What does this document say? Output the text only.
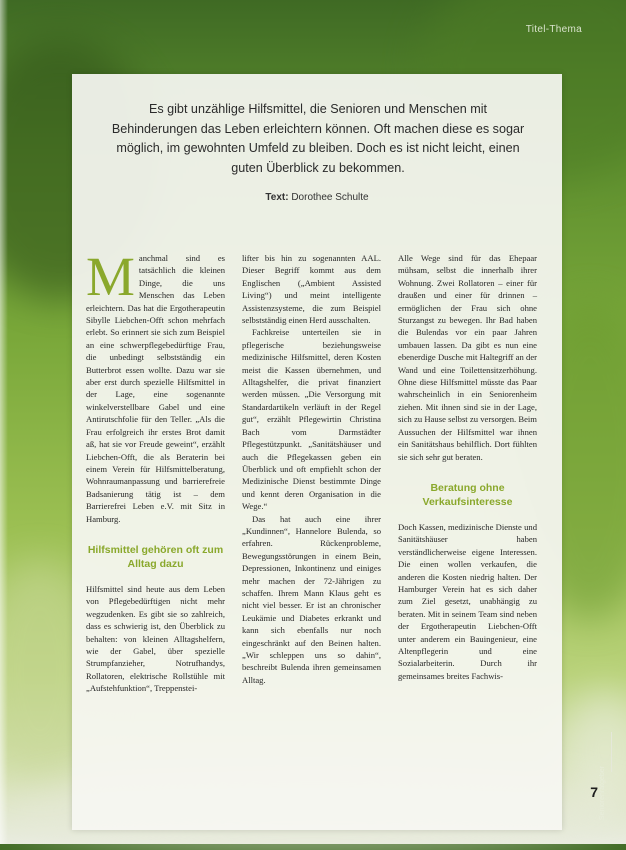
Titel-Thema
Es gibt unzählige Hilfsmittel, die Senioren und Menschen mit Behinderungen das Leben erleichtern können. Oft machen diese es sogar möglich, im gewohnten Umfeld zu bleiben. Doch es ist nicht leicht, einen guten Überblick zu bekommen.
Text: Dorothee Schulte

Manchmal sind es tatsächlich die kleinen Dinge, die uns Menschen das Leben erleichtern. Das hat die Ergotherapeutin Sibylle Liebchen-Offt schon mehrfach erlebt. So erinnert sie sich zum Beispiel an eine schwerpflegebedürftige Frau, die unbedingt selbstständig ein Butterbrot essen wollte. Dazu war sie aber erst durch spezielle Hilfsmittel in der Lage, eine sogenannte winkelverstellbare Gabel und eine Antirutschfolie für den Teller. „Als die Frau erfolgreich ihr erstes Brot damit aß, hat sie vor Freude geweint“, erzählt Liebchen-Offt, die als Beraterin bei einem Verein für Hilfsmittelberatung, Wohnraumanpassung und barrierefreie Badsanierung tätig ist – dem Barrierefrei Leben e.V. mit Sitz in Hamburg.

Hilfsmittel gehören oft zum Alltag dazu

Hilfsmittel sind heute aus dem Leben von Pflegebedürftigen nicht mehr wegzudenken. Es gibt sie so zahlreich, dass es schwierig ist, den Überblick zu behalten: von kleinen Alltagshelfern, wie der Gabel, über spezielle Strumpfanzieher, Notrufhandys, Rollatoren, elektrische Rollstühle mit „Aufstehfunktion“, Treppenstei-

lifter bis hin zu sogenannten AAL. Dieser Begriff kommt aus dem Englischen („Ambient Assisted Living“) und meint intelligente Assistenzsysteme, die zum Beispiel selbstständig einen Herd ausschalten.

Fachkreise unterteilen sie in pflegerische beziehungsweise medizinische Hilfsmittel, deren Kosten meist die Kassen übernehmen, und Alltagshelfer, die privat finanziert werden müssen. „Die Versorgung mit Standardartikeln verläuft in der Regel gut“, erzählt Pflegewirtin Christina Bach vom Darmstädter Pflegestützpunkt. „Sanitätshäuser und auch die Pflegekassen geben ein Überblick und oft empfiehlt schon der Medizinische Dienst bestimmte Dinge und kennt deren Organisation in die Wege.“

Das hat auch eine ihrer „Kundinnen“, Hannelore Bulenda, so erfahren. Rückenprobleme, Bewegungsstörungen in einem Bein, Depressionen, Inkontinenz und einiges mehr machen der 72-Jährigen zu schaffen. Ihrem Mann Klaus geht es nicht viel besser. Er ist an chronischer Leukämie und Diabetes erkrankt und kann sich ebenfalls nur noch eingeschränkt auf den Beinen halten. „Wir schleppen uns so dahin“, beschreibt Bulenda ihren gemeinsamen Alltag.

Alle Wege sind für das Ehepaar mühsam, selbst die innerhalb ihrer Wohnung. Zwei Rollatoren – einer für draußen und einer für drinnen – ermöglichen der Frau sich ohne Sturzangst zu bewegen. Ihr Bad haben die Bulendas vor ein paar Jahren umbauen lassen. Da gibt es nun eine ebenerdige Dusche mit Haltegriff an der Wand und eine Toilettensitzerhöhung. Ohne diese Hilfsmittel müsste das Paar wahrscheinlich in ein Seniorenheim ziehen. Mit ihnen sind sie in der Lage, sich zu Hause selbst zu versorgen. Beim Aussuchen der Hilfsmittel war ihnen ein Sanitätshaus behilflich. Dort fühlten sie sich sehr gut beraten.

Beratung ohne Verkaufsinteresse

Doch Kassen, medizinische Dienste und Sanitätshäuser haben verständlicherweise eigene Interessen. Die einen wollen verkaufen, die anderen die Kosten niedrig halten. Der Hamburger Verein hat es sich daher zum Ziel gesetzt, unabhängig zu beraten. Mit in seinem Team sind neben der Ergotherapeutin Liebchen-Offt unter anderem ein Bauingenieur, eine Altenpflegerin und eine Sozialarbeiterin. Durch ihr gemeinsames breites Fachwis-

Seniorenratgeber
7
